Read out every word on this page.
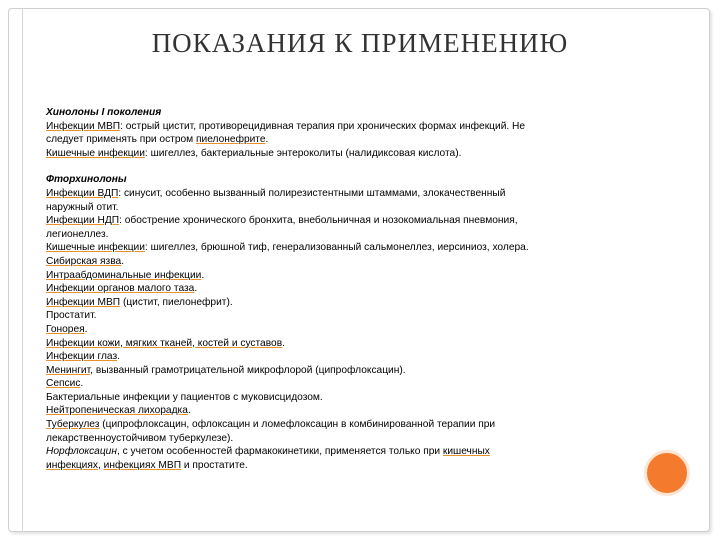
ПОКАЗАНИЯ К ПРИМЕНЕНИЮ
Хинолоны I поколения
Инфекции МВП: острый цистит, противорецидивная терапия при хронических формах инфекций. Не
следует применять при остром пиелонефрите.
Кишечные инфекции: шигеллез, бактериальные энтероколиты (налидиксовая кислота).
Фторхинолоны
Инфекции ВДП: синусит, особенно вызванный полирезистентными штаммами, злокачественный
наружный отит.
Инфекции НДП: обострение хронического бронхита, внебольничная и нозокомиальная пневмония,
легионеллез.
Кишечные инфекции: шигеллез, брюшной тиф, генерализованный сальмонеллез, иерсиниоз, холера.
Сибирская язва.
Интраабдоминальные инфекции.
Инфекции органов малого таза.
Инфекции МВП (цистит, пиелонефрит).
Простатит.
Гонорея.
Инфекции кожи, мягких тканей, костей и суставов.
Инфекции глаз.
Менингит, вызванный грамотрицательной микрофлорой (ципрофлоксацин).
Сепсис.
Бактериальные инфекции у пациентов с муковисцидозом.
Нейтропеническая лихорадка.
Туберкулез (ципрофлоксацин, офлоксацин и ломефлоксацин в комбинированной терапии при
лекарственноустойчивом туберкулезе).
Норфлоксацин, с учетом особенностей фармакокинетики, применяется только при кишечных
инфекциях, инфекциях МВП и простатите.
